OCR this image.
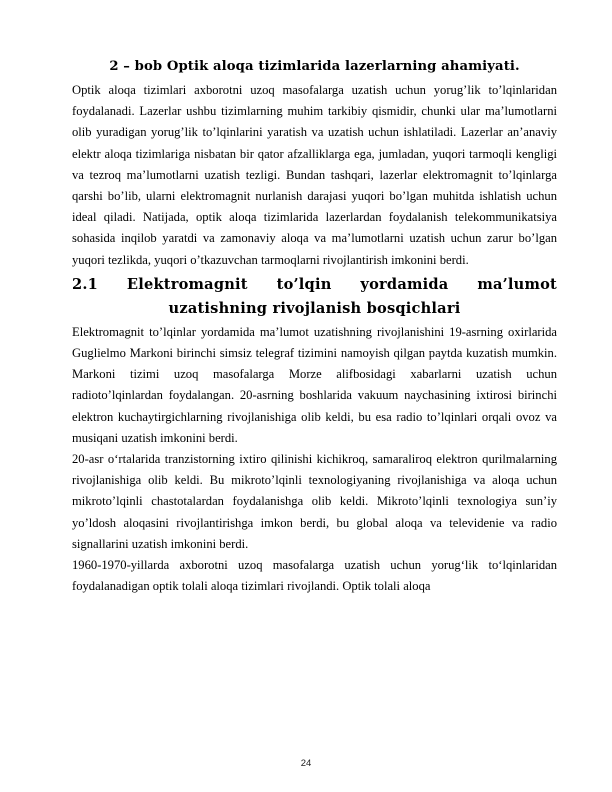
2 – bob Optik aloqa tizimlarida lazerlarning ahamiyati.

Optik aloqa tizimlari axborotni uzoq masofalarga uzatish uchun yorug’lik to’lqinlaridan foydalanadi. Lazerlar ushbu tizimlarning muhim tarkibiy qismidir, chunki ular ma’lumotlarni olib yuradigan yorug’lik to’lqinlarini yaratish va uzatish uchun ishlatiladi. Lazerlar an’anaviy elektr aloqa tizimlariga nisbatan bir qator afzalliklarga ega, jumladan, yuqori tarmoqli kengligi va tezroq ma’lumotlarni uzatish tezligi. Bundan tashqari, lazerlar elektromagnit to’lqinlarga qarshi bo’lib, ularni elektromagnit nurlanish darajasi yuqori bo’lgan muhitda ishlatish uchun ideal qiladi. Natijada, optik aloqa tizimlarida lazerlardan foydalanish telekommunikatsiya sohasida inqilob yaratdi va zamonaviy aloqa va ma’lumotlarni uzatish uchun zarur bo’lgan yuqori tezlikda, yuqori o’tkazuvchan tarmoqlarni rivojlantirish imkonini berdi.

2.1 Elektromagnit to’lqin yordamida ma’lumot uzatishning rivojlanish bosqichlari

Elektromagnit to’lqinlar yordamida ma’lumot uzatishning rivojlanishini 19-asrning oxirlarida Guglielmo Markoni birinchi simsiz telegraf tizimini namoyish qilgan paytda kuzatish mumkin. Markoni tizimi uzoq masofalarga Morze alifbosidagi xabarlarni uzatish uchun radioto’lqinlardan foydalangan. 20-asrning boshlarida vakuum naychasining ixtirosi birinchi elektron kuchaytirgichlarning rivojlanishiga olib keldi, bu esa radio to’lqinlari orqali ovoz va musiqani uzatish imkonini berdi.

20-asr o‘rtalarida tranzistorning ixtiro qilinishi kichikroq, samaraliroq elektron qurilmalarning rivojlanishiga olib keldi. Bu mikroto’lqinli texnologiyaning rivojlanishiga va aloqa uchun mikroto’lqinli chastotalardan foydalanishga olib keldi. Mikroto’lqinli texnologiya sun’iy yo’ldosh aloqasini rivojlantirishga imkon berdi, bu global aloqa va televidenie va radio signallarini uzatish imkonini berdi.

1960-1970-yillarda axborotni uzoq masofalarga uzatish uchun yorug‘lik to‘lqinlaridan foydalanadigan optik tolali aloqa tizimlari rivojlandi. Optik tolali aloqa

24
